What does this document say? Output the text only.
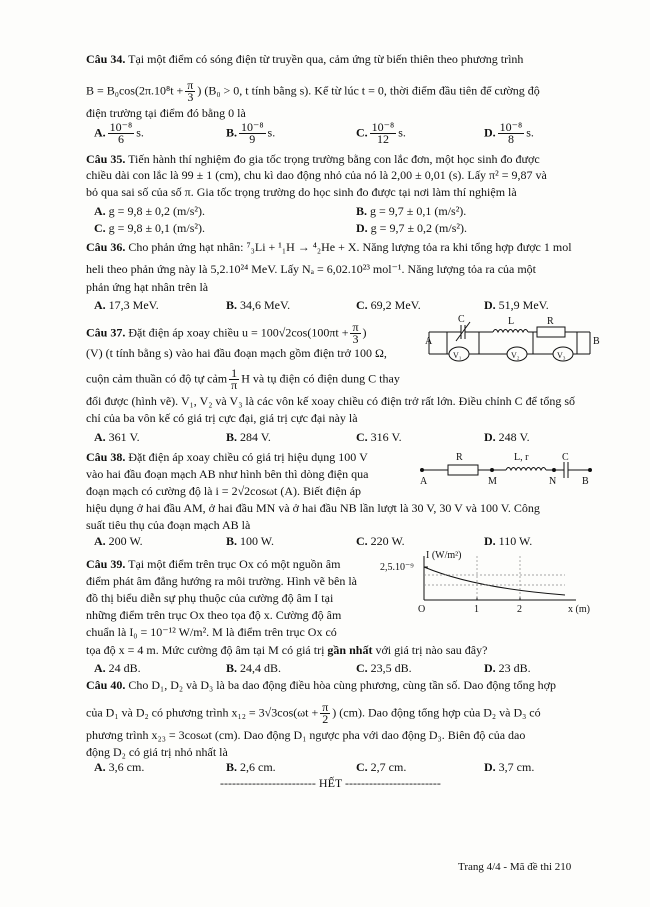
Câu 34. Tại một điểm có sóng điện từ truyền qua, cảm ứng từ biến thiên theo phương trình
$B = B_0\cos(2\pi.10^8t + \frac{\pi}{3}$ ) (B₀ > 0, t tính bằng s). Kể từ lúc t = 0, thời điểm đầu tiên để cường độ
điện trường tại điểm đó bằng 0 là
A. $\frac{\text{10⁻⁸}}{6} s$.	B. $\frac{\text{10⁻⁸}}{9} s$.	C. $\frac{\text{10⁻⁸}}{12} s$.	D. $\frac{\text{10⁻⁸}}{8} s$.
Câu 35. Tiến hành thí nghiệm đo gia tốc trọng trường bằng con lắc đơn, một học sinh đo được
chiều dài con lắc là 99 ± 1 (cm), chu kì dao động nhỏ của nó là 2,00 ± 0,01 (s). Lấy π² = 9,87 và
bỏ qua sai số của số π. Gia tốc trọng trường do học sinh đo được tại nơi làm thí nghiệm là
A. g = 9,8 ± 0,2 (m/s²).	B. g = 9,7 ± 0,1 (m/s²).
C. g = 9,8 ± 0,1 (m/s²).	D. g = 9,7 ± 0,2 (m/s²).
Câu 36. Cho phản ứng hạt nhân: ⁷₃Li + ¹₁H → ⁴₂He + X. Năng lượng tỏa ra khi tổng hợp được 1 mol
heli theo phản ứng này là 5,2.10²⁴ MeV. Lấy Nₐ = 6,02.10²³ mol⁻¹. Năng lượng tỏa ra của một
phản ứng hạt nhân trên là
A. 17,3 MeV.	B. 34,6 MeV.	C. 69,2 MeV.	D. 51,9 MeV.
Câu 37. Đặt điện áp xoay chiều $u = 100√2\cos(100\pi t + \frac{\pi}{3}$ )
(V) (t tính bằng s) vào hai đầu đoạn mạch gồm điện trở 100 Ω,
cuộn cảm thuần có độ tự cảm $\frac{1}{\pi}$ H và tụ điện có điện dung C thay
đổi được (hình vẽ). V₁, V₂ và V₃ là các vôn kế xoay chiều có điện trở rất lớn. Điều chỉnh C để tổng số
chỉ của ba vôn kế có giá trị cực đại, giá trị cực đại này là
A. 361 V.	B. 284 V.	C. 316 V.	D. 248 V.
A	B
C	L	R
V₁	V₂	V₃
Câu 38. Đặt điện áp xoay chiều có giá trị hiệu dụng 100 V
vào hai đầu đoạn mạch AB như hình bên thì dòng điện qua
đoạn mạch có cường độ là i = 2√2cosωt (A). Biết điện áp
hiệu dụng ở hai đầu AM, ở hai đầu MN và ở hai đầu NB lần lượt là 30 V, 30 V và 100 V. Công
suất tiêu thụ của đoạn mạch AB là
A. 200 W.	B. 100 W.	C. 220 W.	D. 110 W.
R	L, r	C
A	M	N	B
Câu 39. Tại một điểm trên trục Ox có một nguồn âm
điểm phát âm đẳng hướng ra môi trường. Hình vẽ bên là
đồ thị biểu diễn sự phụ thuộc của cường độ âm I tại
những điểm trên trục Ox theo tọa độ x. Cường độ âm
chuẩn là I₀ = 10⁻¹² W/m². M là điểm trên trục Ox có
tọa độ x = 4 m. Mức cường độ âm tại M có giá trị gần nhất với giá trị nào sau đây?
A. 24 dB.	B. 24,4 dB.	C. 23,5 dB.	D. 23 dB.
I (W/m²)
2,5.10⁻⁹
O	1	2	x (m)
Câu 40. Cho D₁, D₂ và D₃ là ba dao động điều hòa cùng phương, cùng tần số. Dao động tổng hợp
của D₁ và D₂ có phương trình $x_{12} = 3√3\cos(\omega t + \frac{\pi}{2}$ ) (cm). Dao động tổng hợp của D₂ và D₃ có
phương trình x₂₃ = 3cosωt (cm). Dao động D₁ ngược pha với dao động D₃. Biên độ của dao
động D₂ có giá trị nhỏ nhất là
A. 3,6 cm.	B. 2,6 cm.	C. 2,7 cm.	D. 3,7 cm.
------------------------ HẾT ------------------------
Trang 4/4 - Mã đề thi 210
